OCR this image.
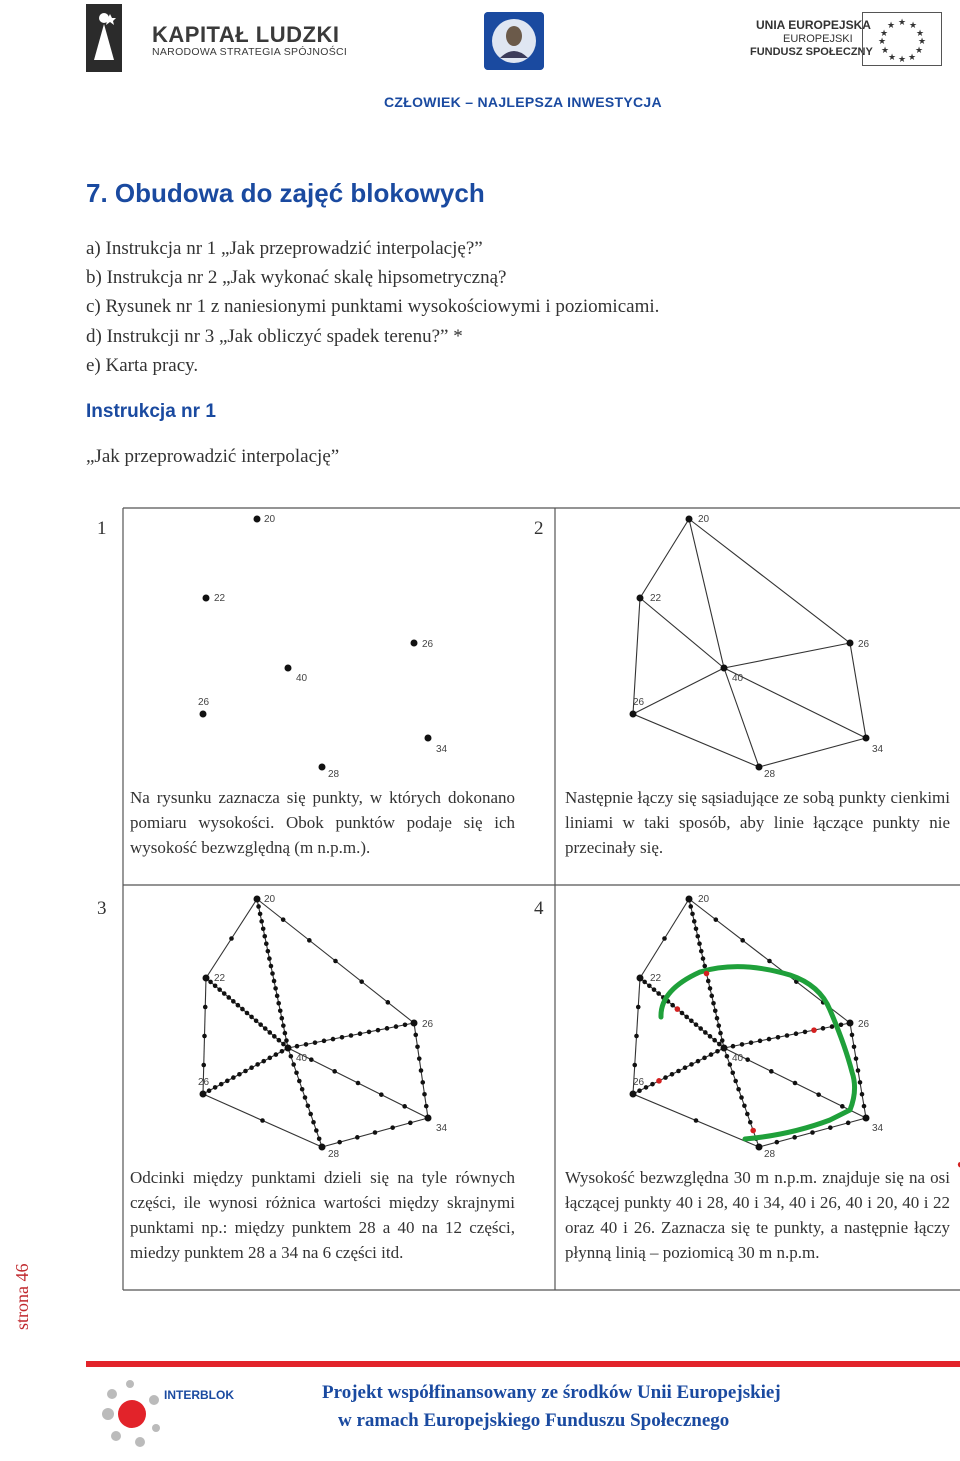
KAPITAŁ LUDZKI
NARODOWA STRATEGIA SPÓJNOŚCI
UNIA EUROPEJSKA
EUROPEJSKI
FUNDUSZ SPOŁECZNY
★ ★
★
★
★
★
★
★
★
★
★
★
CZŁOWIEK – NAJLEPSZA INWESTYCJA
7. Obudowa do zajęć blokowych
a) Instrukcja nr 1 „Jak przeprowadzić interpolację?”
b) Instrukcja nr 2 „Jak wykonać skalę hipsometryczną?
c) Rysunek nr 1 z naniesionymi punktami wysokościowymi i poziomicami.
d) Instrukcji nr 3 „Jak obliczyć spadek terenu?” *
e) Karta pracy.
Instrukcja nr 1
„Jak przeprowadzić interpolację”
1	2
3	4
20
22
26
40
26
34
28
20
22
26
40
26
34
28
20
22
26
40
26
34
28
20
22
26
40
26
34
28
Na rysunku zaznacza się punkty, w których dokonano pomiaru wysokości. Obok punktów podaje się ich wysokość bezwzględną (m n.p.m.).
Następnie łączy się sąsiadujące ze sobą punkty cienkimi liniami w taki sposób, aby linie łączące punkty nie przecinały się.
Odcinki między punktami dzieli się na tyle równych części, ile wynosi różnica wartości między skrajnymi punktami np.: między punktem 28 a 40 na 12 części, miedzy punktem 28 a 34 na 6 części itd.
Wysokość bezwzględna 30 m n.p.m. znajduje się na osi łączącej punkty 40 i 28, 40 i 34, 40 i 26, 40 i 20, 40 i 22 oraz 40 i 26. Zaznacza się te punkty, a następnie łączy płynną linią – poziomicą 30 m n.p.m.
strona 46
INTERBLOK	Projekt współfinansowany ze środków Unii Europejskiej
w ramach Europejskiego Funduszu Społecznego
